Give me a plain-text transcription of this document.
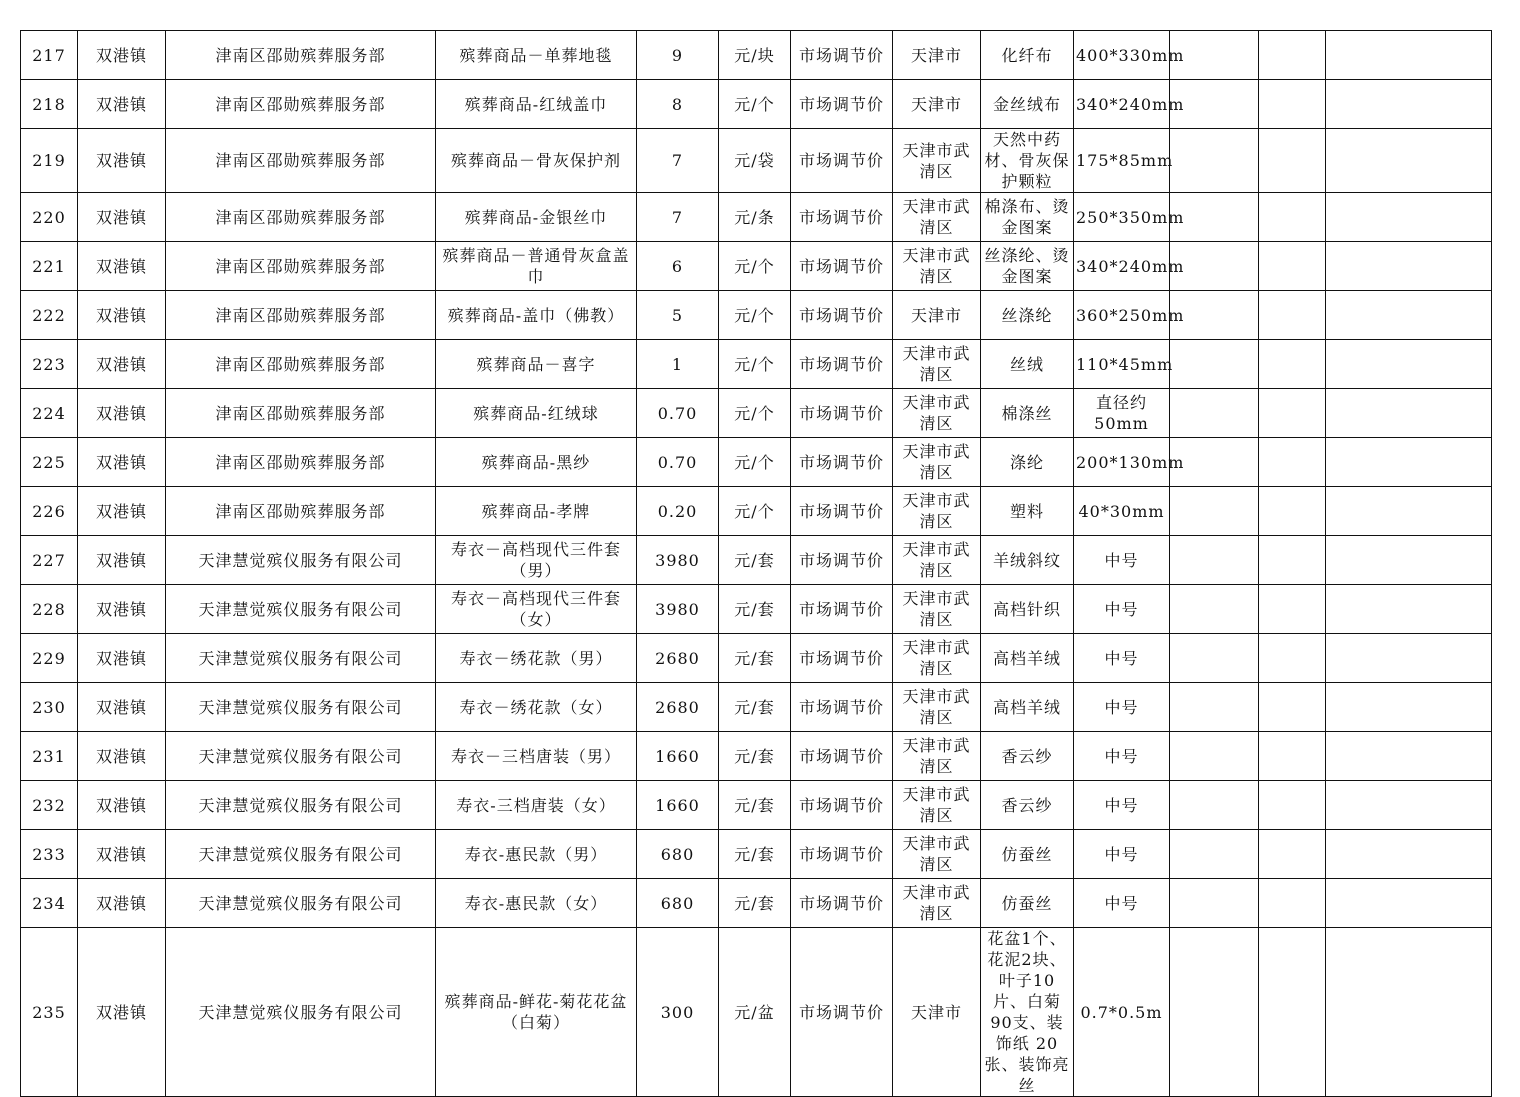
217	双港镇	津南区邵勋殡葬服务部	殡葬商品－单葬地毯	9	元/块	市场调节价	天津市	化纤布	400*330mm			
218	双港镇	津南区邵勋殡葬服务部	殡葬商品-红绒盖巾	8	元/个	市场调节价	天津市	金丝绒布	340*240mm			
219	双港镇	津南区邵勋殡葬服务部	殡葬商品－骨灰保护剂	7	元/袋	市场调节价	天津市武清区	天然中药材、骨灰保护颗粒	175*85mm			
220	双港镇	津南区邵勋殡葬服务部	殡葬商品-金银丝巾	7	元/条	市场调节价	天津市武清区	棉涤布、烫金图案	250*350mm			
221	双港镇	津南区邵勋殡葬服务部	殡葬商品－普通骨灰盒盖巾	6	元/个	市场调节价	天津市武清区	丝涤纶、烫金图案	340*240mm			
222	双港镇	津南区邵勋殡葬服务部	殡葬商品-盖巾（佛教）	5	元/个	市场调节价	天津市	丝涤纶	360*250mm			
223	双港镇	津南区邵勋殡葬服务部	殡葬商品－喜字	1	元/个	市场调节价	天津市武清区	丝绒	110*45mm			
224	双港镇	津南区邵勋殡葬服务部	殡葬商品-红绒球	0.70	元/个	市场调节价	天津市武清区	棉涤丝	直径约50mm			
225	双港镇	津南区邵勋殡葬服务部	殡葬商品-黑纱	0.70	元/个	市场调节价	天津市武清区	涤纶	200*130mm			
226	双港镇	津南区邵勋殡葬服务部	殡葬商品-孝牌	0.20	元/个	市场调节价	天津市武清区	塑料	40*30mm			
227	双港镇	天津慧觉殡仪服务有限公司	寿衣－高档现代三件套（男）	3980	元/套	市场调节价	天津市武清区	羊绒斜纹	中号			
228	双港镇	天津慧觉殡仪服务有限公司	寿衣－高档现代三件套（女）	3980	元/套	市场调节价	天津市武清区	高档针织	中号			
229	双港镇	天津慧觉殡仪服务有限公司	寿衣－绣花款（男）	2680	元/套	市场调节价	天津市武清区	高档羊绒	中号			
230	双港镇	天津慧觉殡仪服务有限公司	寿衣－绣花款（女）	2680	元/套	市场调节价	天津市武清区	高档羊绒	中号			
231	双港镇	天津慧觉殡仪服务有限公司	寿衣－三档唐装（男）	1660	元/套	市场调节价	天津市武清区	香云纱	中号			
232	双港镇	天津慧觉殡仪服务有限公司	寿衣-三档唐装（女）	1660	元/套	市场调节价	天津市武清区	香云纱	中号			
233	双港镇	天津慧觉殡仪服务有限公司	寿衣-惠民款（男）	680	元/套	市场调节价	天津市武清区	仿蚕丝	中号			
234	双港镇	天津慧觉殡仪服务有限公司	寿衣-惠民款（女）	680	元/套	市场调节价	天津市武清区	仿蚕丝	中号			
235	双港镇	天津慧觉殡仪服务有限公司	殡葬商品-鲜花-菊花花盆（白菊）	300	元/盆	市场调节价	天津市	花盆1个、花泥2块、叶子10片、白菊90支、装饰纸 20 张、装饰亮丝	0.7*0.5m			
